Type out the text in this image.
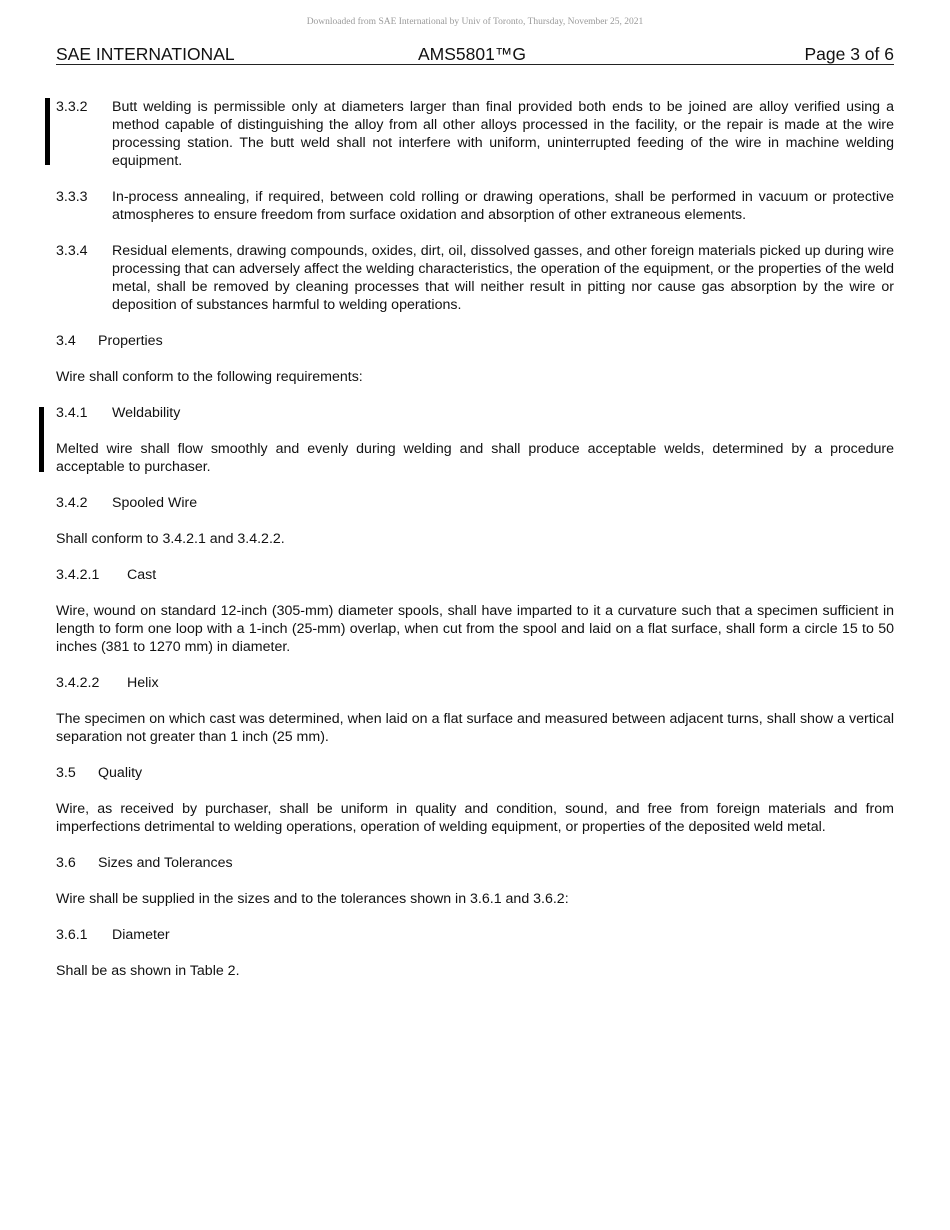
Downloaded from SAE International by Univ of Toronto, Thursday, November 25, 2021
SAE INTERNATIONAL	AMS5801™G	Page 3 of 6
3.3.2	Butt welding is permissible only at diameters larger than final provided both ends to be joined are alloy verified using a method capable of distinguishing the alloy from all other alloys processed in the facility, or the repair is made at the wire processing station. The butt weld shall not interfere with uniform, uninterrupted feeding of the wire in machine welding equipment.
3.3.3	In-process annealing, if required, between cold rolling or drawing operations, shall be performed in vacuum or protective atmospheres to ensure freedom from surface oxidation and absorption of other extraneous elements.
3.3.4	Residual elements, drawing compounds, oxides, dirt, oil, dissolved gasses, and other foreign materials picked up during wire processing that can adversely affect the welding characteristics, the operation of the equipment, or the properties of the weld metal, shall be removed by cleaning processes that will neither result in pitting nor cause gas absorption by the wire or deposition of substances harmful to welding operations.
3.4 Properties

Wire shall conform to the following requirements:

3.4.1 Weldability

Melted wire shall flow smoothly and evenly during welding and shall produce acceptable welds, determined by a procedure acceptable to purchaser.

3.4.2 Spooled Wire

Shall conform to 3.4.2.1 and 3.4.2.2.

3.4.2.1 Cast

Wire, wound on standard 12-inch (305-mm) diameter spools, shall have imparted to it a curvature such that a specimen sufficient in length to form one loop with a 1-inch (25-mm) overlap, when cut from the spool and laid on a flat surface, shall form a circle 15 to 50 inches (381 to 1270 mm) in diameter.

3.4.2.2 Helix

The specimen on which cast was determined, when laid on a flat surface and measured between adjacent turns, shall show a vertical separation not greater than 1 inch (25 mm).

3.5 Quality

Wire, as received by purchaser, shall be uniform in quality and condition, sound, and free from foreign materials and from imperfections detrimental to welding operations, operation of welding equipment, or properties of the deposited weld metal.

3.6 Sizes and Tolerances

Wire shall be supplied in the sizes and to the tolerances shown in 3.6.1 and 3.6.2:

3.6.1 Diameter

Shall be as shown in Table 2.
